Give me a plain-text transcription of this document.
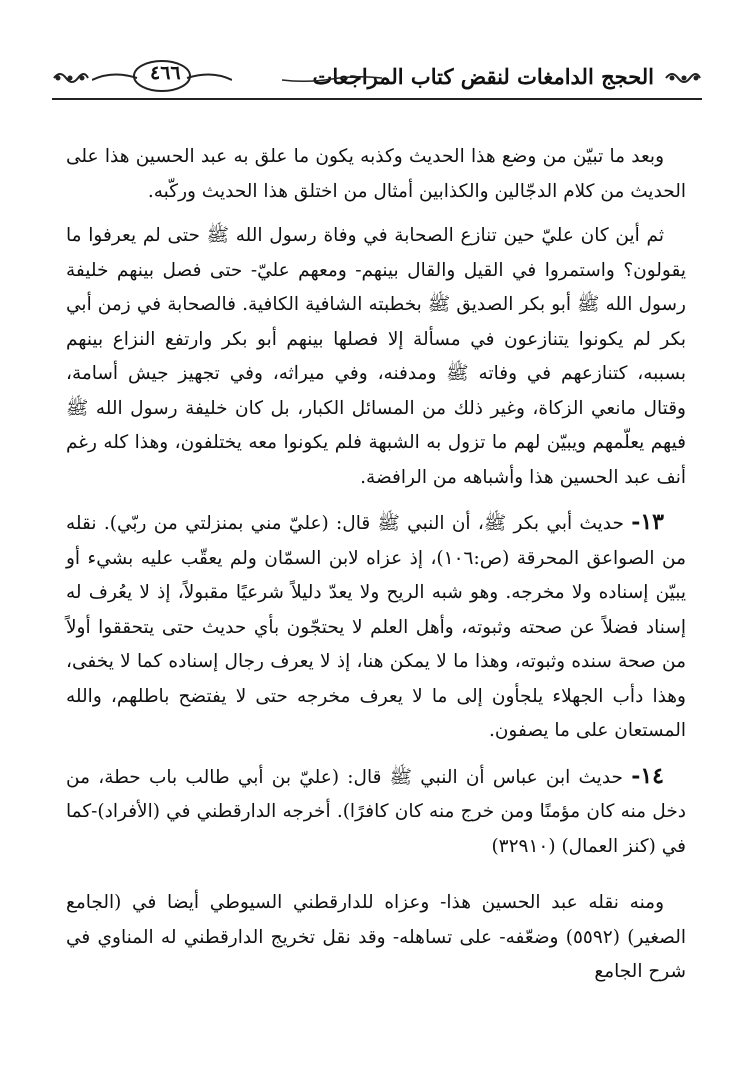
الحجج الدامغات لنقض كتاب المراجعات
٤٦٦

وبعد ما تبيّن من وضع هذا الحديث وكذبه يكون ما علق به عبد الحسين هذا على الحديث من كلام الدجّالين والكذابين أمثال من اختلق هذا الحديث وركّبه.

ثم أين كان عليّ حين تنازع الصحابة في وفاة رسول الله ﷺ حتى لم يعرفوا ما يقولون؟ واستمروا في القيل والقال بينهم- ومعهم عليّ- حتى فصل بينهم خليفة رسول الله ﷺ أبو بكر الصديق ﷺ بخطبته الشافية الكافية. فالصحابة في زمن أبي بكر لم يكونوا يتنازعون في مسألة إلا فصلها بينهم أبو بكر وارتفع النزاع بينهم بسببه، كتنازعهم في وفاته ﷺ ومدفنه، وفي ميراثه، وفي تجهيز جيش أسامة، وقتال مانعي الزكاة، وغير ذلك من المسائل الكبار، بل كان خليفة رسول الله ﷺ فيهم يعلّمهم ويبيّن لهم ما تزول به الشبهة فلم يكونوا معه يختلفون، وهذا كله رغم أنف عبد الحسين هذا وأشباهه من الرافضة.

١٣- حديث أبي بكر ﷺ، أن النبي ﷺ قال: (عليّ مني بمنزلتي من ربّي). نقله من الصواعق المحرقة (ص:١٠٦)، إذ عزاه لابن السمّان ولم يعقّب عليه بشيء أو يبيّن إسناده ولا مخرجه. وهو شبه الريح ولا يعدّ دليلاً شرعيًا مقبولاً، إذ لا يعُرف له إسناد فضلاً عن صحته وثبوته، وأهل العلم لا يحتجّون بأي حديث حتى يتحققوا أولاً من صحة سنده وثبوته، وهذا ما لا يمكن هنا، إذ لا يعرف رجال إسناده كما لا يخفى، وهذا دأب الجهلاء يلجأون إلى ما لا يعرف مخرجه حتى لا يفتضح باطلهم، والله المستعان على ما يصفون.

١٤- حديث ابن عباس أن النبي ﷺ قال: (عليّ بن أبي طالب باب حطة، من دخل منه كان مؤمنًا ومن خرج منه كان كافرًا). أخرجه الدارقطني في (الأفراد)-كما في (كنز العمال) (٣٢٩١٠)

ومنه نقله عبد الحسين هذا- وعزاه للدارقطني السيوطي أيضا في (الجامع الصغير) (٥٥٩٢) وضعّفه- على تساهله- وقد نقل تخريج الدارقطني له المناوي في شرح الجامع
